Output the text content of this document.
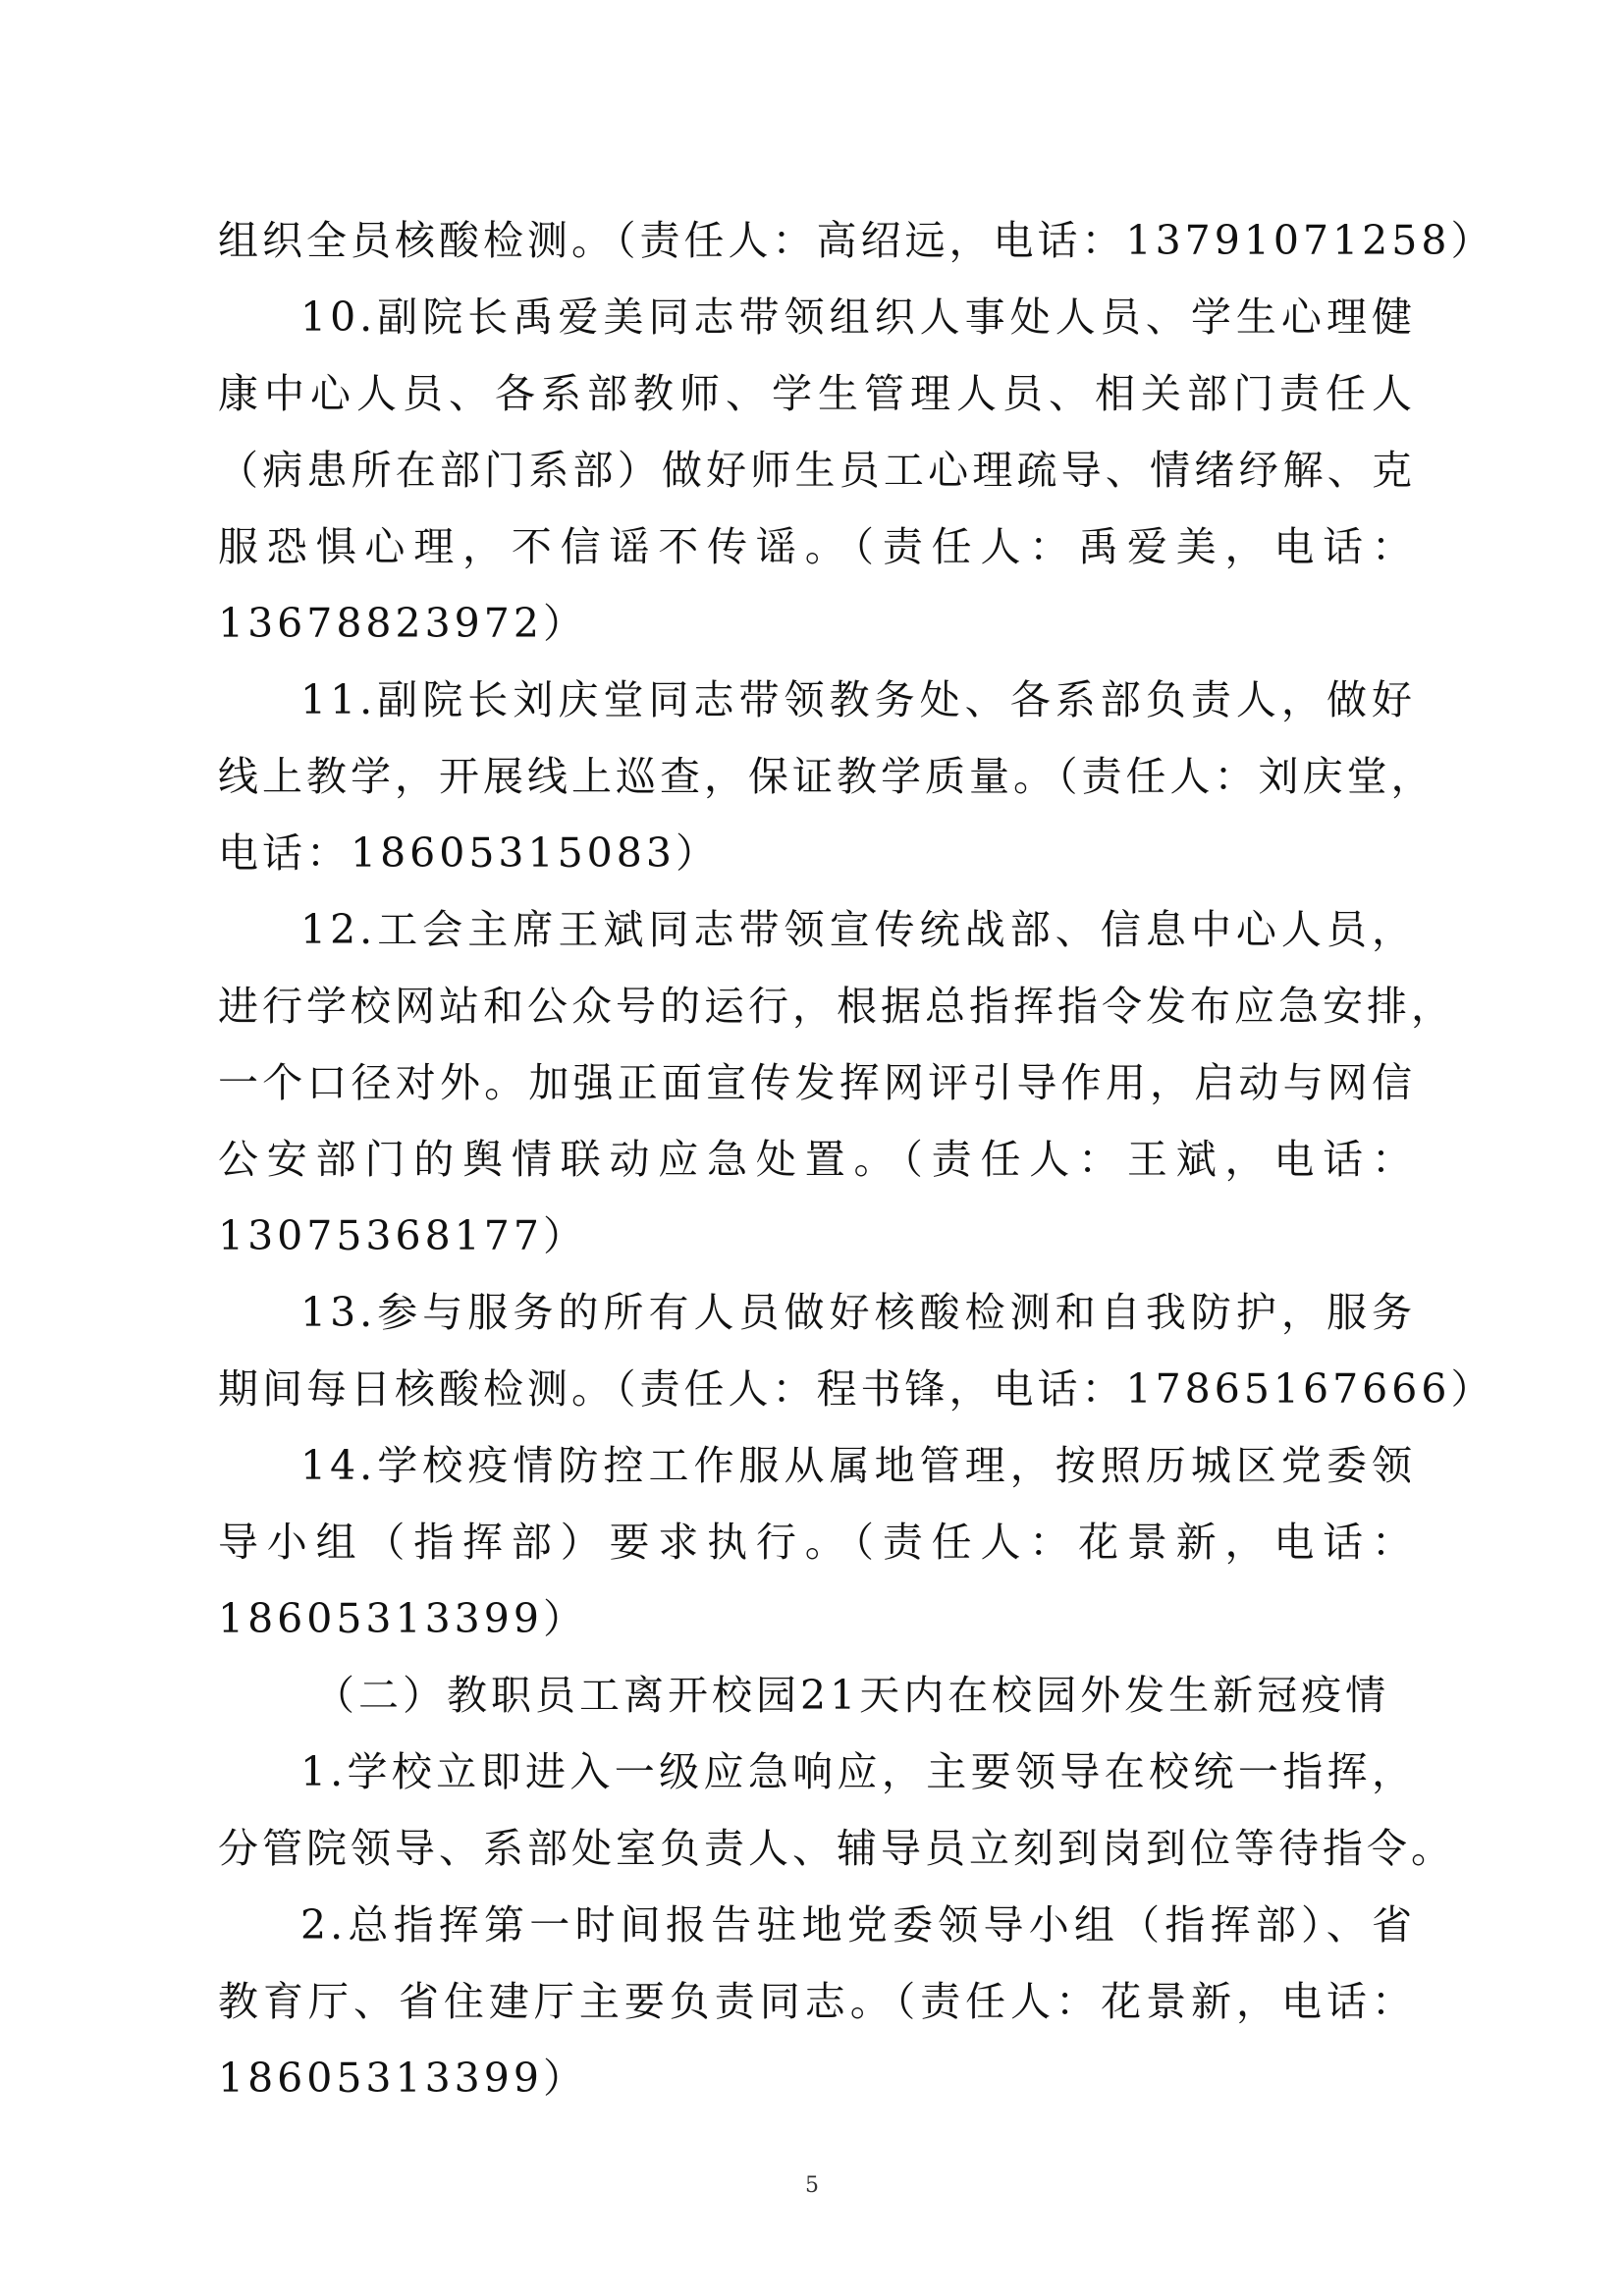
组织全员核酸检测。（责任人：高绍远，电话：13791071258）
10.副院长禹爱美同志带领组织人事处人员、学生心理健
康中心人员、各系部教师、学生管理人员、相关部门责任人
（病患所在部门系部）做好师生员工心理疏导、情绪纾解、克
服恐惧心理，不信谣不传谣。（责任人：禹爱美，电话：
13678823972）
11.副院长刘庆堂同志带领教务处、各系部负责人，做好
线上教学，开展线上巡查，保证教学质量。（责任人：刘庆堂，
电话：18605315083）
12.工会主席王斌同志带领宣传统战部、信息中心人员，
进行学校网站和公众号的运行，根据总指挥指令发布应急安排，
一个口径对外。加强正面宣传发挥网评引导作用，启动与网信
公安部门的舆情联动应急处置。（责任人：王斌，电话：
13075368177）
13.参与服务的所有人员做好核酸检测和自我防护，服务
期间每日核酸检测。（责任人：程书锋，电话：17865167666）
14.学校疫情防控工作服从属地管理，按照历城区党委领
导小组（指挥部）要求执行。（责任人：花景新，电话：
18605313399）
（二）教职员工离开校园21天内在校园外发生新冠疫情
1.学校立即进入一级应急响应，主要领导在校统一指挥，
分管院领导、系部处室负责人、辅导员立刻到岗到位等待指令。
2.总指挥第一时间报告驻地党委领导小组（指挥部）、省
教育厅、省住建厅主要负责同志。（责任人：花景新，电话：
18605313399）
5
